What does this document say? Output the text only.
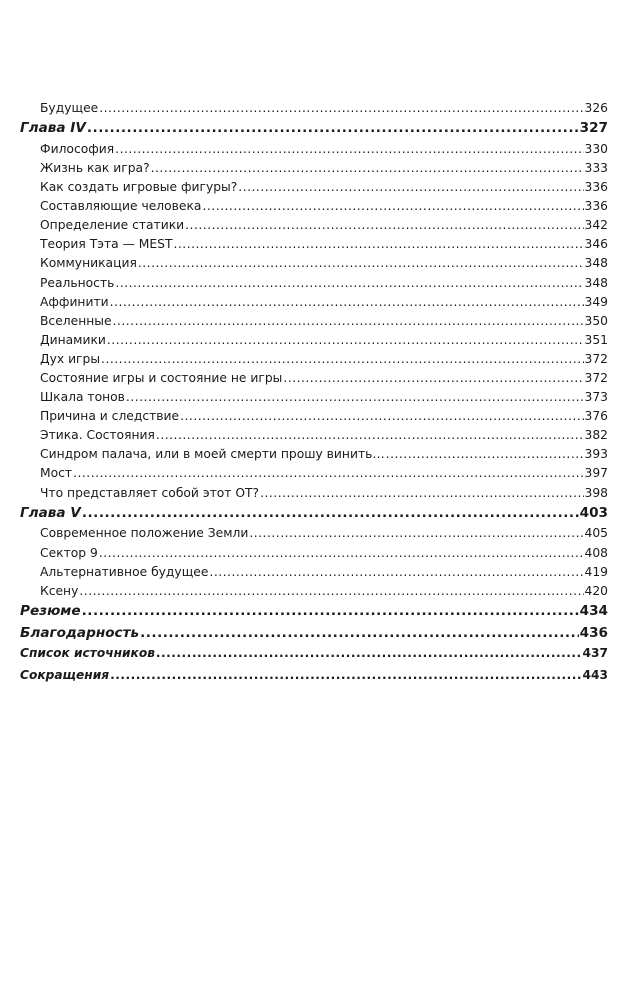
Будущее .....	326
Глава IV .....	327
Философия .....	330
Жизнь как игра? .....	333
Как создать игровые фигуры? .....	336
Составляющие человека .....	336
Определение статики .....	342
Теория Тэта — MEST .....	346
Коммуникация .....	348
Реальность .....	348
Аффинити .....	349
Вселенные .....	350
Динамики .....	351
Дух игры .....	372
Состояние игры и состояние не игры .....	372
Шкала тонов .....	373
Причина и следствие .....	376
Этика. Состояния .....	382
Синдром палача, или в моей смерти прошу винить… .....	393
Мост .....	397
Что представляет собой этот ОТ? .....	398
Глава V .....	403
Современное положение Земли .....	405
Сектор 9 .....	408
Альтернативное будущее .....	419
Ксену .....	420
Резюме .....	434
Благодарность .....	436
Список источников .....	437
Сокращения .....	443
